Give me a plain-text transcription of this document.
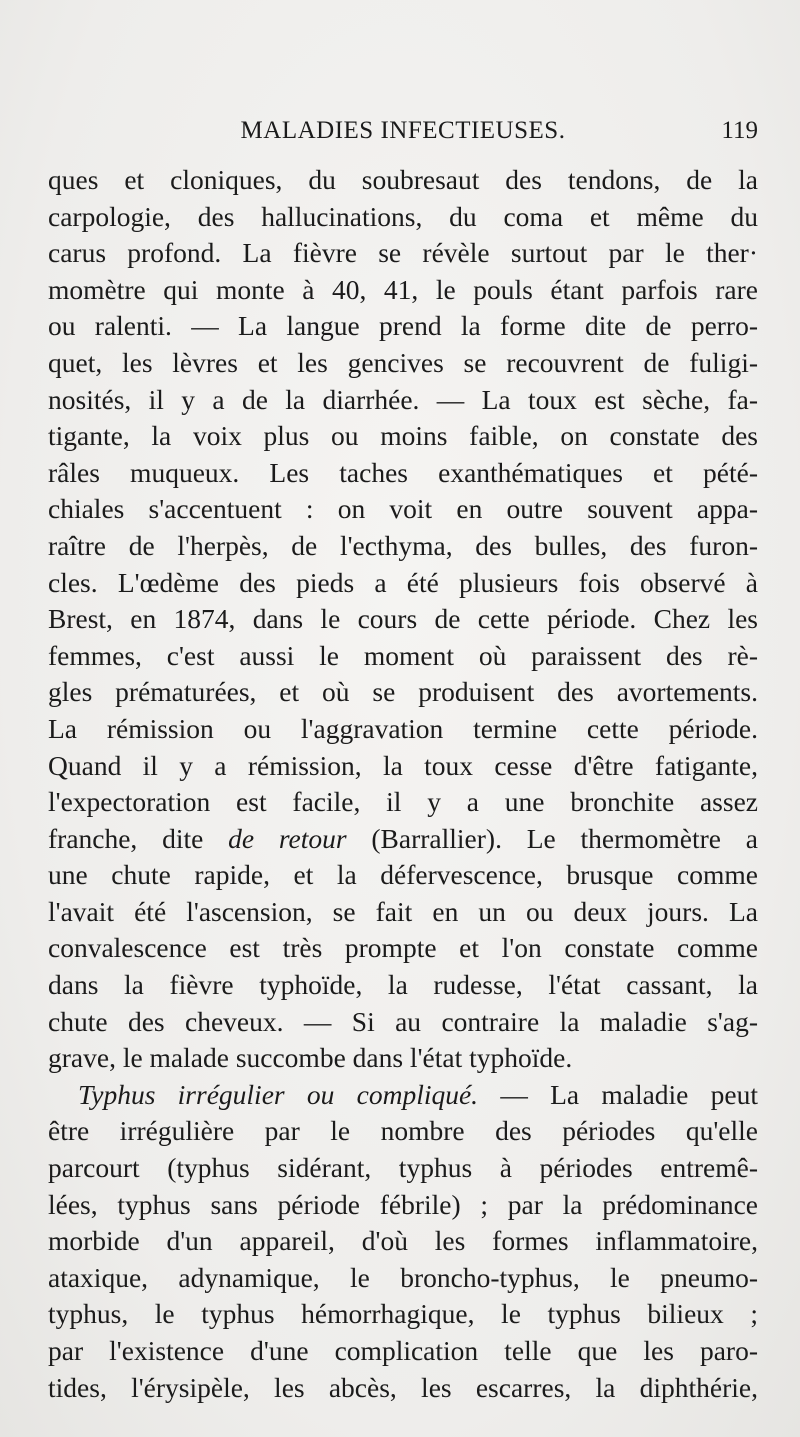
MALADIES INFECTIEUSES.	119
ques et cloniques, du soubresaut des tendons, de la
carpologie, des hallucinations, du coma et même du
carus profond. La fièvre se révèle surtout par le ther·
momètre qui monte à 40, 41, le pouls étant parfois rare
ou ralenti. — La langue prend la forme dite de perro-
quet, les lèvres et les gencives se recouvrent de fuligi-
nosités, il y a de la diarrhée. — La toux est sèche, fa-
tigante, la voix plus ou moins faible, on constate des
râles muqueux. Les taches exanthématiques et pété-
chiales s'accentuent : on voit en outre souvent appa-
raître de l'herpès, de l'ecthyma, des bulles, des furon-
cles. L'œdème des pieds a été plusieurs fois observé à
Brest, en 1874, dans le cours de cette période. Chez les
femmes, c'est aussi le moment où paraissent des rè-
gles prématurées, et où se produisent des avortements.
La rémission ou l'aggravation termine cette période.
Quand il y a rémission, la toux cesse d'être fatigante,
l'expectoration est facile, il y a une bronchite assez
franche, dite de retour (Barrallier). Le thermomètre a
une chute rapide, et la défervescence, brusque comme
l'avait été l'ascension, se fait en un ou deux jours. La
convalescence est très prompte et l'on constate comme
dans la fièvre typhoïde, la rudesse, l'état cassant, la
chute des cheveux. — Si au contraire la maladie s'ag-
grave, le malade succombe dans l'état typhoïde.
Typhus irrégulier ou compliqué. — La maladie peut
être irrégulière par le nombre des périodes qu'elle
parcourt (typhus sidérant, typhus à périodes entremê-
lées, typhus sans période fébrile) ; par la prédominance
morbide d'un appareil, d'où les formes inflammatoire,
ataxique, adynamique, le broncho-typhus, le pneumo-
typhus, le typhus hémorrhagique, le typhus bilieux ;
par l'existence d'une complication telle que les paro-
tides, l'érysipèle, les abcès, les escarres, la diphthérie,
